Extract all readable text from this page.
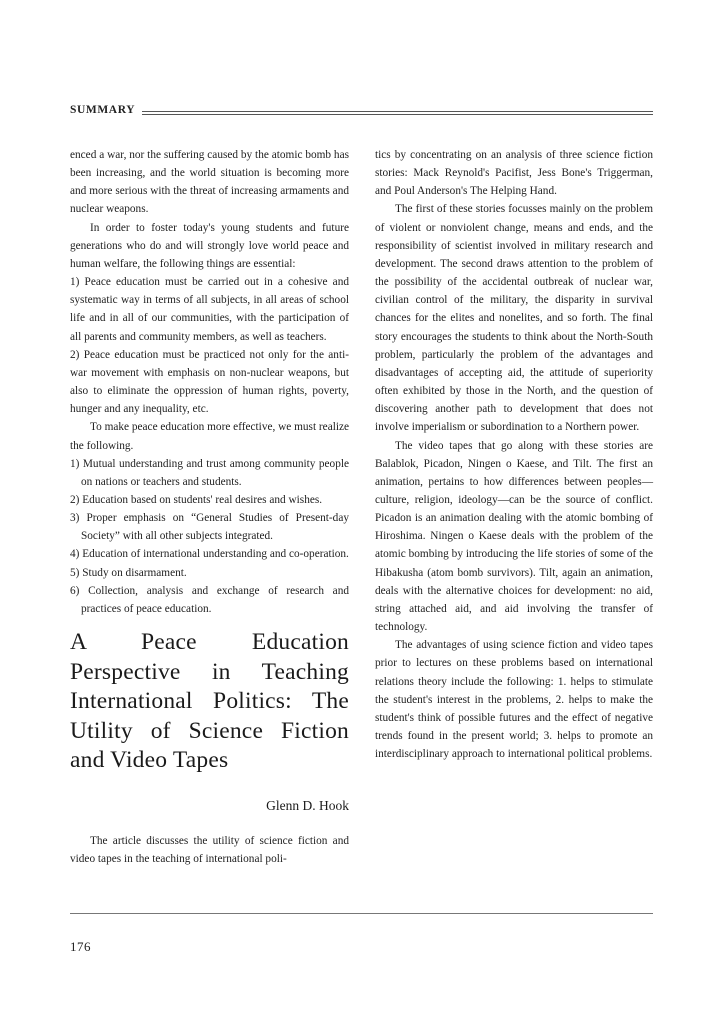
SUMMARY

enced a war, nor the suffering caused by the atomic bomb has been increasing, and the world situation is becoming more and more serious with the threat of increasing armaments and nuclear weapons.

In order to foster today's young students and future generations who do and will strongly love world peace and human welfare, the following things are essential:

1) Peace education must be carried out in a cohesive and systematic way in terms of all subjects, in all areas of school life and in all of our communities, with the participation of all parents and community members, as well as teachers.

2) Peace education must be practiced not only for the anti-war movement with emphasis on non-nuclear weapons, but also to eliminate the oppression of human rights, poverty, hunger and any inequality, etc.

To make peace education more effective, we must realize the following.

1) Mutual understanding and trust among community people on nations or teachers and students.

2) Education based on students' real desires and wishes.

3) Proper emphasis on “General Studies of Present-day Society” with all other subjects integrated.

4) Education of international understanding and co-operation.

5) Study on disarmament.

6) Collection, analysis and exchange of research and practices of peace education.

A Peace Education Perspective in Teaching International Politics: The Utility of Science Fiction and Video Tapes

Glenn D. Hook

The article discusses the utility of science fiction and video tapes in the teaching of international poli-

tics by concentrating on an analysis of three science fiction stories: Mack Reynold's Pacifist, Jess Bone's Triggerman, and Poul Anderson's The Helping Hand.

The first of these stories focusses mainly on the problem of violent or nonviolent change, means and ends, and the responsibility of scientist involved in military research and development. The second draws attention to the problem of the possibility of the accidental outbreak of nuclear war, civilian control of the military, the disparity in survival chances for the elites and nonelites, and so forth. The final story encourages the students to think about the North-South problem, particularly the problem of the advantages and disadvantages of accepting aid, the attitude of superiority often exhibited by those in the North, and the question of discovering another path to development that does not involve imperialism or subordination to a Northern power.

The video tapes that go along with these stories are Balablok, Picadon, Ningen o Kaese, and Tilt. The first an animation, pertains to how differences between peoples—culture, religion, ideology—can be the source of conflict. Picadon is an animation dealing with the atomic bombing of Hiroshima. Ningen o Kaese deals with the problem of the atomic bombing by introducing the life stories of some of the Hibakusha (atom bomb survivors). Tilt, again an animation, deals with the alternative choices for development: no aid, string attached aid, and aid involving the transfer of technology.

The advantages of using science fiction and video tapes prior to lectures on these problems based on international relations theory include the following: 1. helps to stimulate the student's interest in the problems, 2. helps to make the student's think of possible futures and the effect of negative trends found in the present world; 3. helps to promote an interdisciplinary approach to international political problems.

176
